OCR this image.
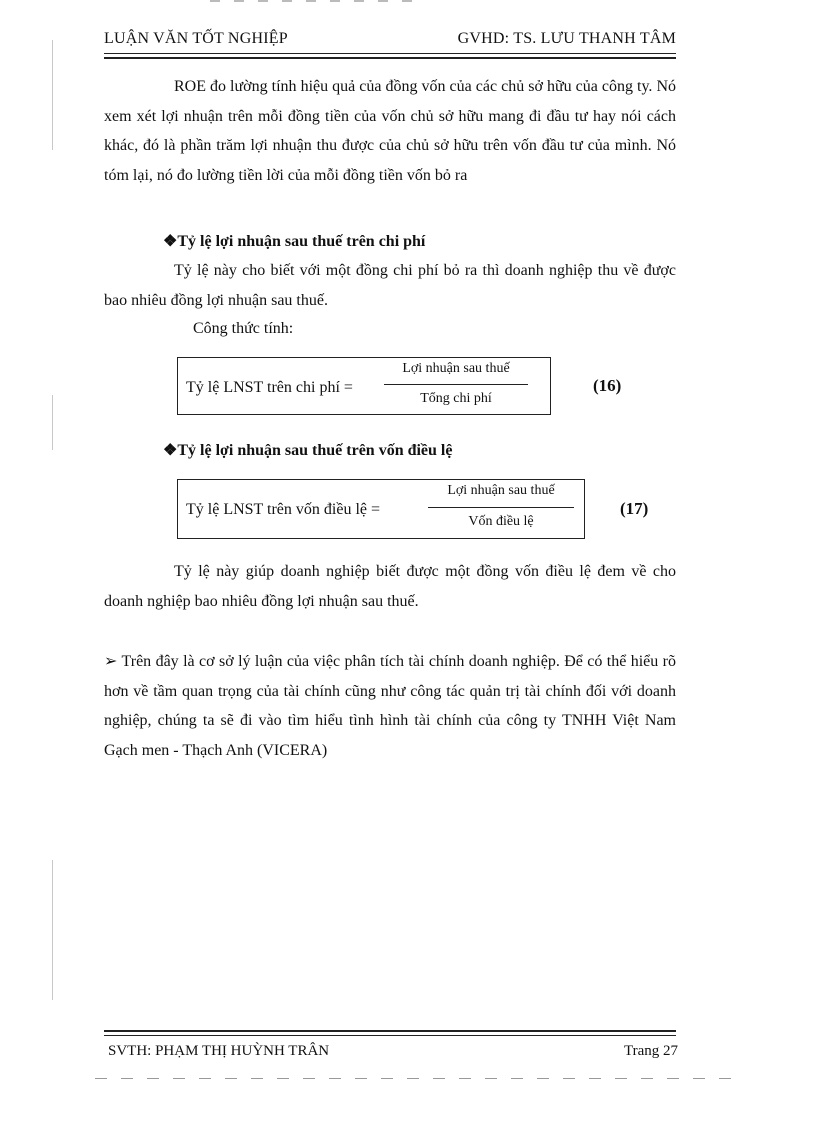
LUẬN VĂN TỐT NGHIỆP	GVHD: TS. LƯU THANH TÂM

ROE đo lường tính hiệu quả của đồng vốn của các chủ sở hữu của công ty. Nó xem xét lợi nhuận trên mỗi đồng tiền của vốn chủ sở hữu mang đi đầu tư hay nói cách khác, đó là phần trăm lợi nhuận thu được của chủ sở hữu trên vốn đầu tư của mình. Nó tóm lại, nó đo lường tiền lời của mỗi đồng tiền vốn bỏ ra

❖Tỷ lệ lợi nhuận sau thuế trên chi phí

Tỷ lệ này cho biết với một đồng chi phí bỏ ra thì doanh nghiệp thu về được bao nhiêu đồng lợi nhuận sau thuế.

Công thức tính:
Tỷ lệ LNST trên chi phí =
Lợi nhuận sau thuế
Tổng chi phí
(16)
❖Tỷ lệ lợi nhuận sau thuế trên vốn điều lệ
Tỷ lệ LNST trên vốn điều lệ =
Lợi nhuận sau thuế
Vốn điều lệ
(17)

Tỷ lệ này giúp doanh nghiệp biết được một đồng vốn điều lệ đem về cho doanh nghiệp bao nhiêu đồng lợi nhuận sau thuế.

➢ Trên đây là cơ sở lý luận của việc phân tích tài chính doanh nghiệp. Để có thể hiểu rõ hơn về tầm quan trọng của tài chính cũng như công tác quản trị tài chính đối với doanh nghiệp, chúng ta sẽ đi vào tìm hiểu tình hình tài chính của công ty TNHH Việt Nam Gạch men - Thạch Anh (VICERA)

SVTH: PHẠM THỊ HUỲNH TRÂN	Trang 27
